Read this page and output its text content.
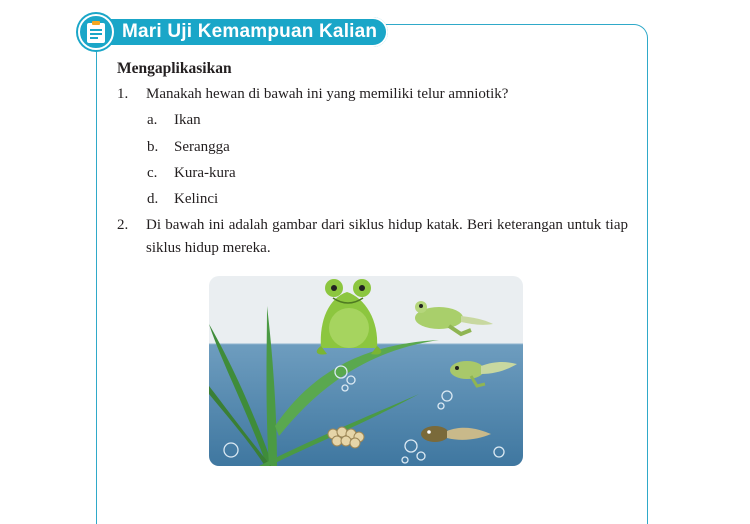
Mari Uji Kemampuan Kalian
Mengaplikasikan
1. Manakah hewan di bawah ini yang memiliki telur amniotik?
a. Ikan
b. Serangga
c. Kura-kura
d. Kelinci
2. Di bawah ini adalah gambar dari siklus hidup katak. Beri keterangan untuk tiap siklus hidup mereka.
